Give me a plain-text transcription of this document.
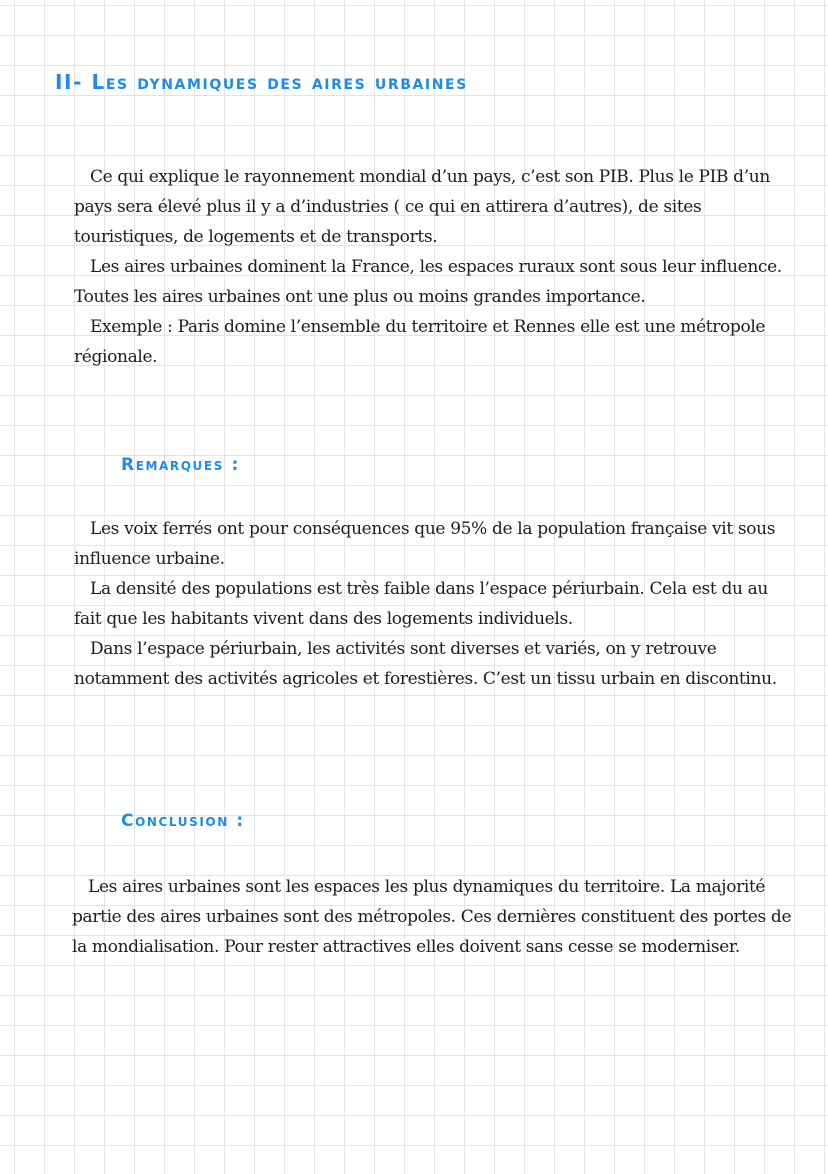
II- Les dynamiques des aires urbaines

Ce qui explique le rayonnement mondial d’un pays, c’est son PIB. Plus le PIB d’un pays sera élevé plus il y a d’industries ( ce qui en attirera d’autres), de sites touristiques, de logements et de transports.

Les aires urbaines dominent la France, les espaces ruraux sont sous leur influence. Toutes les aires urbaines ont une plus ou moins grandes importance.

Exemple : Paris domine l’ensemble du territoire et Rennes elle est une métropole régionale.

Remarques :

Les voix ferrés ont pour conséquences que 95% de la population française vit sous influence urbaine.

La densité des populations est très faible dans l’espace périurbain. Cela est du au fait que les habitants vivent dans des logements individuels.

Dans l’espace périurbain, les activités sont diverses et variés, on y retrouve notamment des activités agricoles et forestières. C’est un tissu urbain en discontinu.

Conclusion :

Les aires urbaines sont les espaces les plus dynamiques du territoire. La majorité partie des aires urbaines sont des métropoles. Ces dernières constituent des portes de la mondialisation. Pour rester attractives elles doivent sans cesse se moderniser.
